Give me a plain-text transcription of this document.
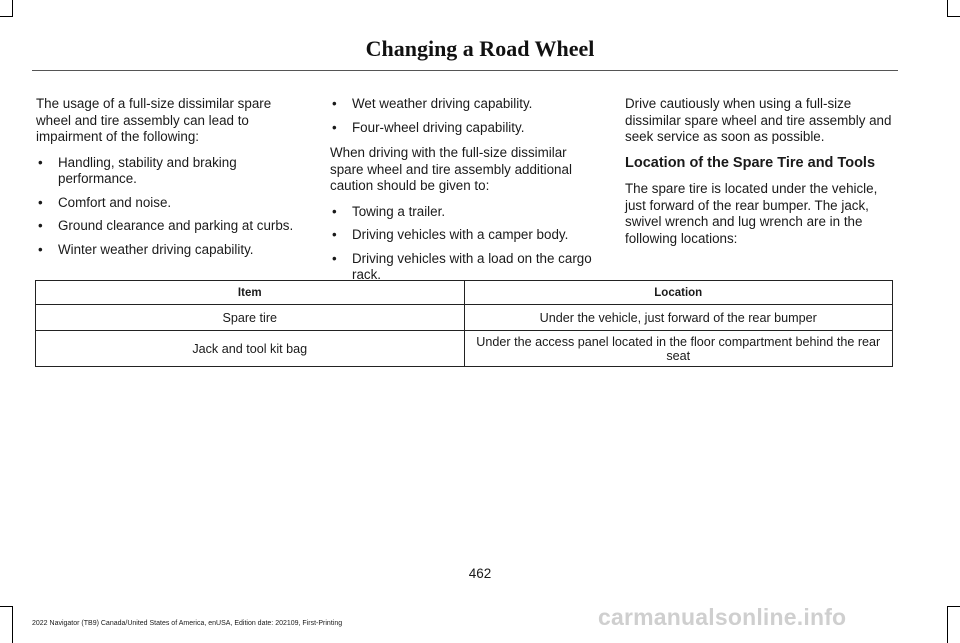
Changing a Road Wheel

The usage of a full-size dissimilar spare wheel and tire assembly can lead to impairment of the following:

• Handling, stability and braking performance.
• Comfort and noise.
• Ground clearance and parking at curbs.
• Winter weather driving capability.
• Wet weather driving capability.
• Four-wheel driving capability.

When driving with the full-size dissimilar spare wheel and tire assembly additional caution should be given to:

• Towing a trailer.
• Driving vehicles with a camper body.
• Driving vehicles with a load on the cargo rack.

Drive cautiously when using a full-size dissimilar spare wheel and tire assembly and seek service as soon as possible.

Location of the Spare Tire and Tools

The spare tire is located under the vehicle, just forward of the rear bumper. The jack, swivel wrench and lug wrench are in the following locations:

Item	Location
Spare tire	Under the vehicle, just forward of the rear bumper
Jack and tool kit bag	Under the access panel located in the floor compartment behind the rear seat
462
2022 Navigator (TB9) Canada/United States of America, enUSA, Edition date: 202109, First-Printing	carmanualsonline.info
